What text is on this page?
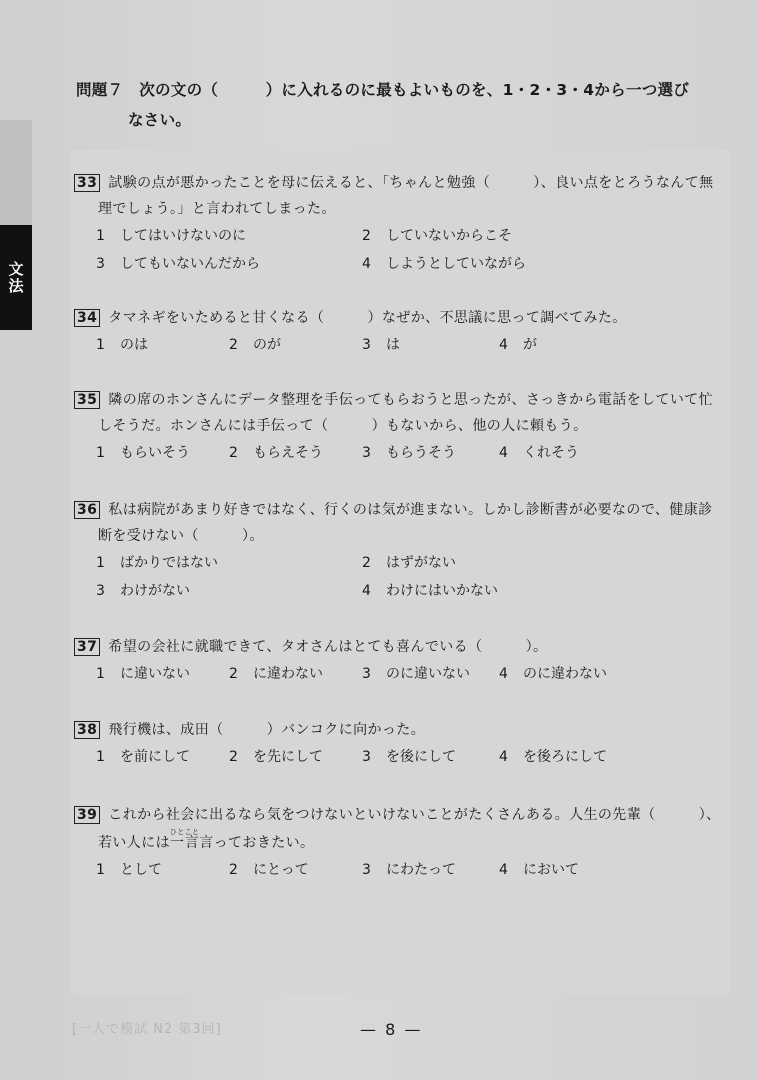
文法
問題７　次の文の（　　　）に入れるのに最もよいものを、1・2・3・4から一つ選び
なさい。
33 試験の点が悪かったことを母に伝えると、「ちゃんと勉強（　　　）、良い点をとろうなんて無
理でしょう。」と言われてしまった。
1 してはいけないのに	2 していないからこそ
3 してもいないんだから	4 しようとしていながら
34 タマネギをいためると甘くなる（　　　）なぜか、不思議に思って調べてみた。
1 のは	2 のが	3 は	4 が
35 隣の席のホンさんにデータ整理を手伝ってもらおうと思ったが、さっきから電話をしていて忙
しそうだ。ホンさんには手伝って（　　　）もないから、他の人に頼もう。
1 もらいそう	2 もらえそう	3 もらうそう	4 くれそう
36 私は病院があまり好きではなく、行くのは気が進まない。しかし診断書が必要なので、健康診
断を受けない（　　　）。
1 ばかりではない	2 はずがない
3 わけがない	4 わけにはいかない
37 希望の会社に就職できて、タオさんはとても喜んでいる（　　　）。
1 に違いない	2 に違わない	3 のに違いない 4 のに違わない
38 飛行機は、成田（　　　）バンコクに向かった。
1 を前にして	2 を先にして	3 を後にして	4 を後ろにして
39 これから社会に出るなら気をつけないといけないことがたくさんある。人生の先輩（　　　）、
若い人には一言ひとこと言っておきたい。
1 として	2 にとって	3 にわたって	4 において
[一人で模試 N2 第3回]	— 8 —
